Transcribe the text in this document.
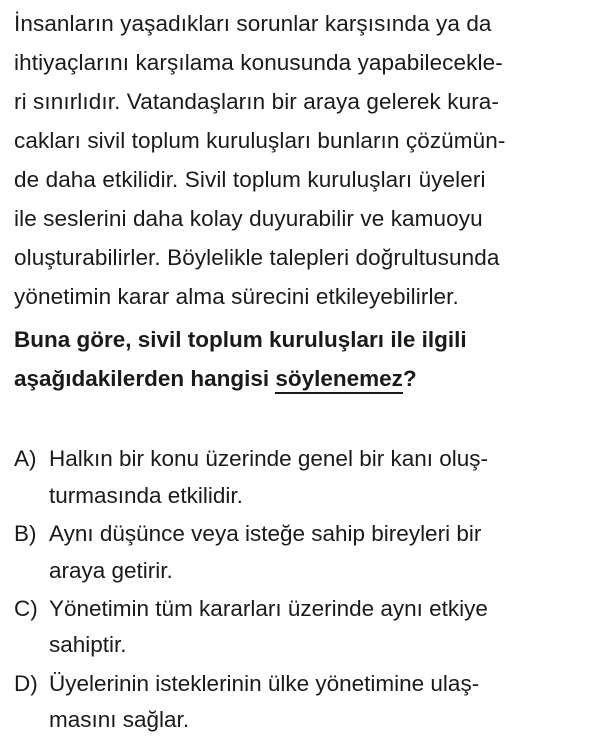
İnsanların yaşadıkları sorunlar karşısında ya da
ihtiyaçlarını karşılama konusunda yapabilecekle-
ri sınırlıdır. Vatandaşların bir araya gelerek kura-
cakları sivil toplum kuruluşları bunların çözümün-
de daha etkilidir. Sivil toplum kuruluşları üyeleri
ile seslerini daha kolay duyurabilir ve kamuoyu
oluşturabilirler. Böylelikle talepleri doğrultusunda
yönetimin karar alma sürecini etkileyebilirler.
Buna göre, sivil toplum kuruluşları ile ilgili
aşağıdakilerden hangisi söylenemez?
A) Halkın bir konu üzerinde genel bir kanı oluş-
turmasında etkilidir.
B) Aynı düşünce veya isteğe sahip bireyleri bir
araya getirir.
C) Yönetimin tüm kararları üzerinde aynı etkiye
sahiptir.
D) Üyelerinin isteklerinin ülke yönetimine ulaş-
masını sağlar.
